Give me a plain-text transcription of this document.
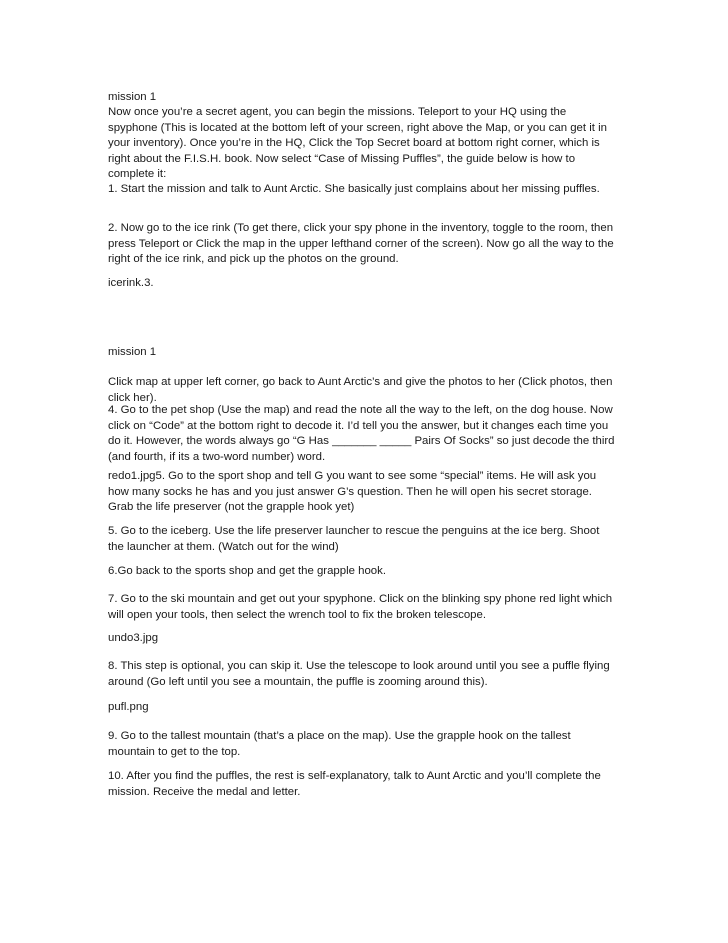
mission 1
Now once you’re a secret agent, you can begin the missions. Teleport to your HQ using the spyphone (This is located at the bottom left of your screen, right above the Map, or you can get it in your inventory). Once you’re in the HQ, Click the Top Secret board at bottom right corner, which is right about the F.I.S.H. book. Now select “Case of Missing Puffles”, the guide below is how to complete it:
1. Start the mission and talk to Aunt Arctic. She basically just complains about her missing puffles.
2. Now go to the ice rink (To get there, click your spy phone in the inventory, toggle to the room, then press Teleport or Click the map in the upper lefthand corner of the screen). Now go all the way to the right of the ice rink, and pick up the photos on the ground.
icerink.3.
mission 1
Click map at upper left corner, go back to Aunt Arctic’s and give the photos to her (Click photos, then click her).
4. Go to the pet shop (Use the map) and read the note all the way to the left, on the dog house. Now click on “Code” at the bottom right to decode it. I’d tell you the answer, but it changes each time you do it. However, the words always go “G Has _______ _____ Pairs Of Socks” so just decode the third (and fourth, if its a two-word number) word.
redo1.jpg5. Go to the sport shop and tell G you want to see some “special” items. He will ask you how many socks he has and you just answer G’s question. Then he will open his secret storage. Grab the life preserver (not the grapple hook yet)
5. Go to the iceberg. Use the life preserver launcher to rescue the penguins at the ice berg. Shoot the launcher at them. (Watch out for the wind)
6.Go back to the sports shop and get the grapple hook.
7. Go to the ski mountain and get out your spyphone. Click on the blinking spy phone red light which will open your tools, then select the wrench tool to fix the broken telescope.
undo3.jpg
8. This step is optional, you can skip it. Use the telescope to look around until you see a puffle flying around (Go left until you see a mountain, the puffle is zooming around this).
pufl.png
9. Go to the tallest mountain (that’s a place on the map). Use the grapple hook on the tallest mountain to get to the top.
10. After you find the puffles, the rest is self-explanatory, talk to Aunt Arctic and you’ll complete the mission. Receive the medal and letter.
